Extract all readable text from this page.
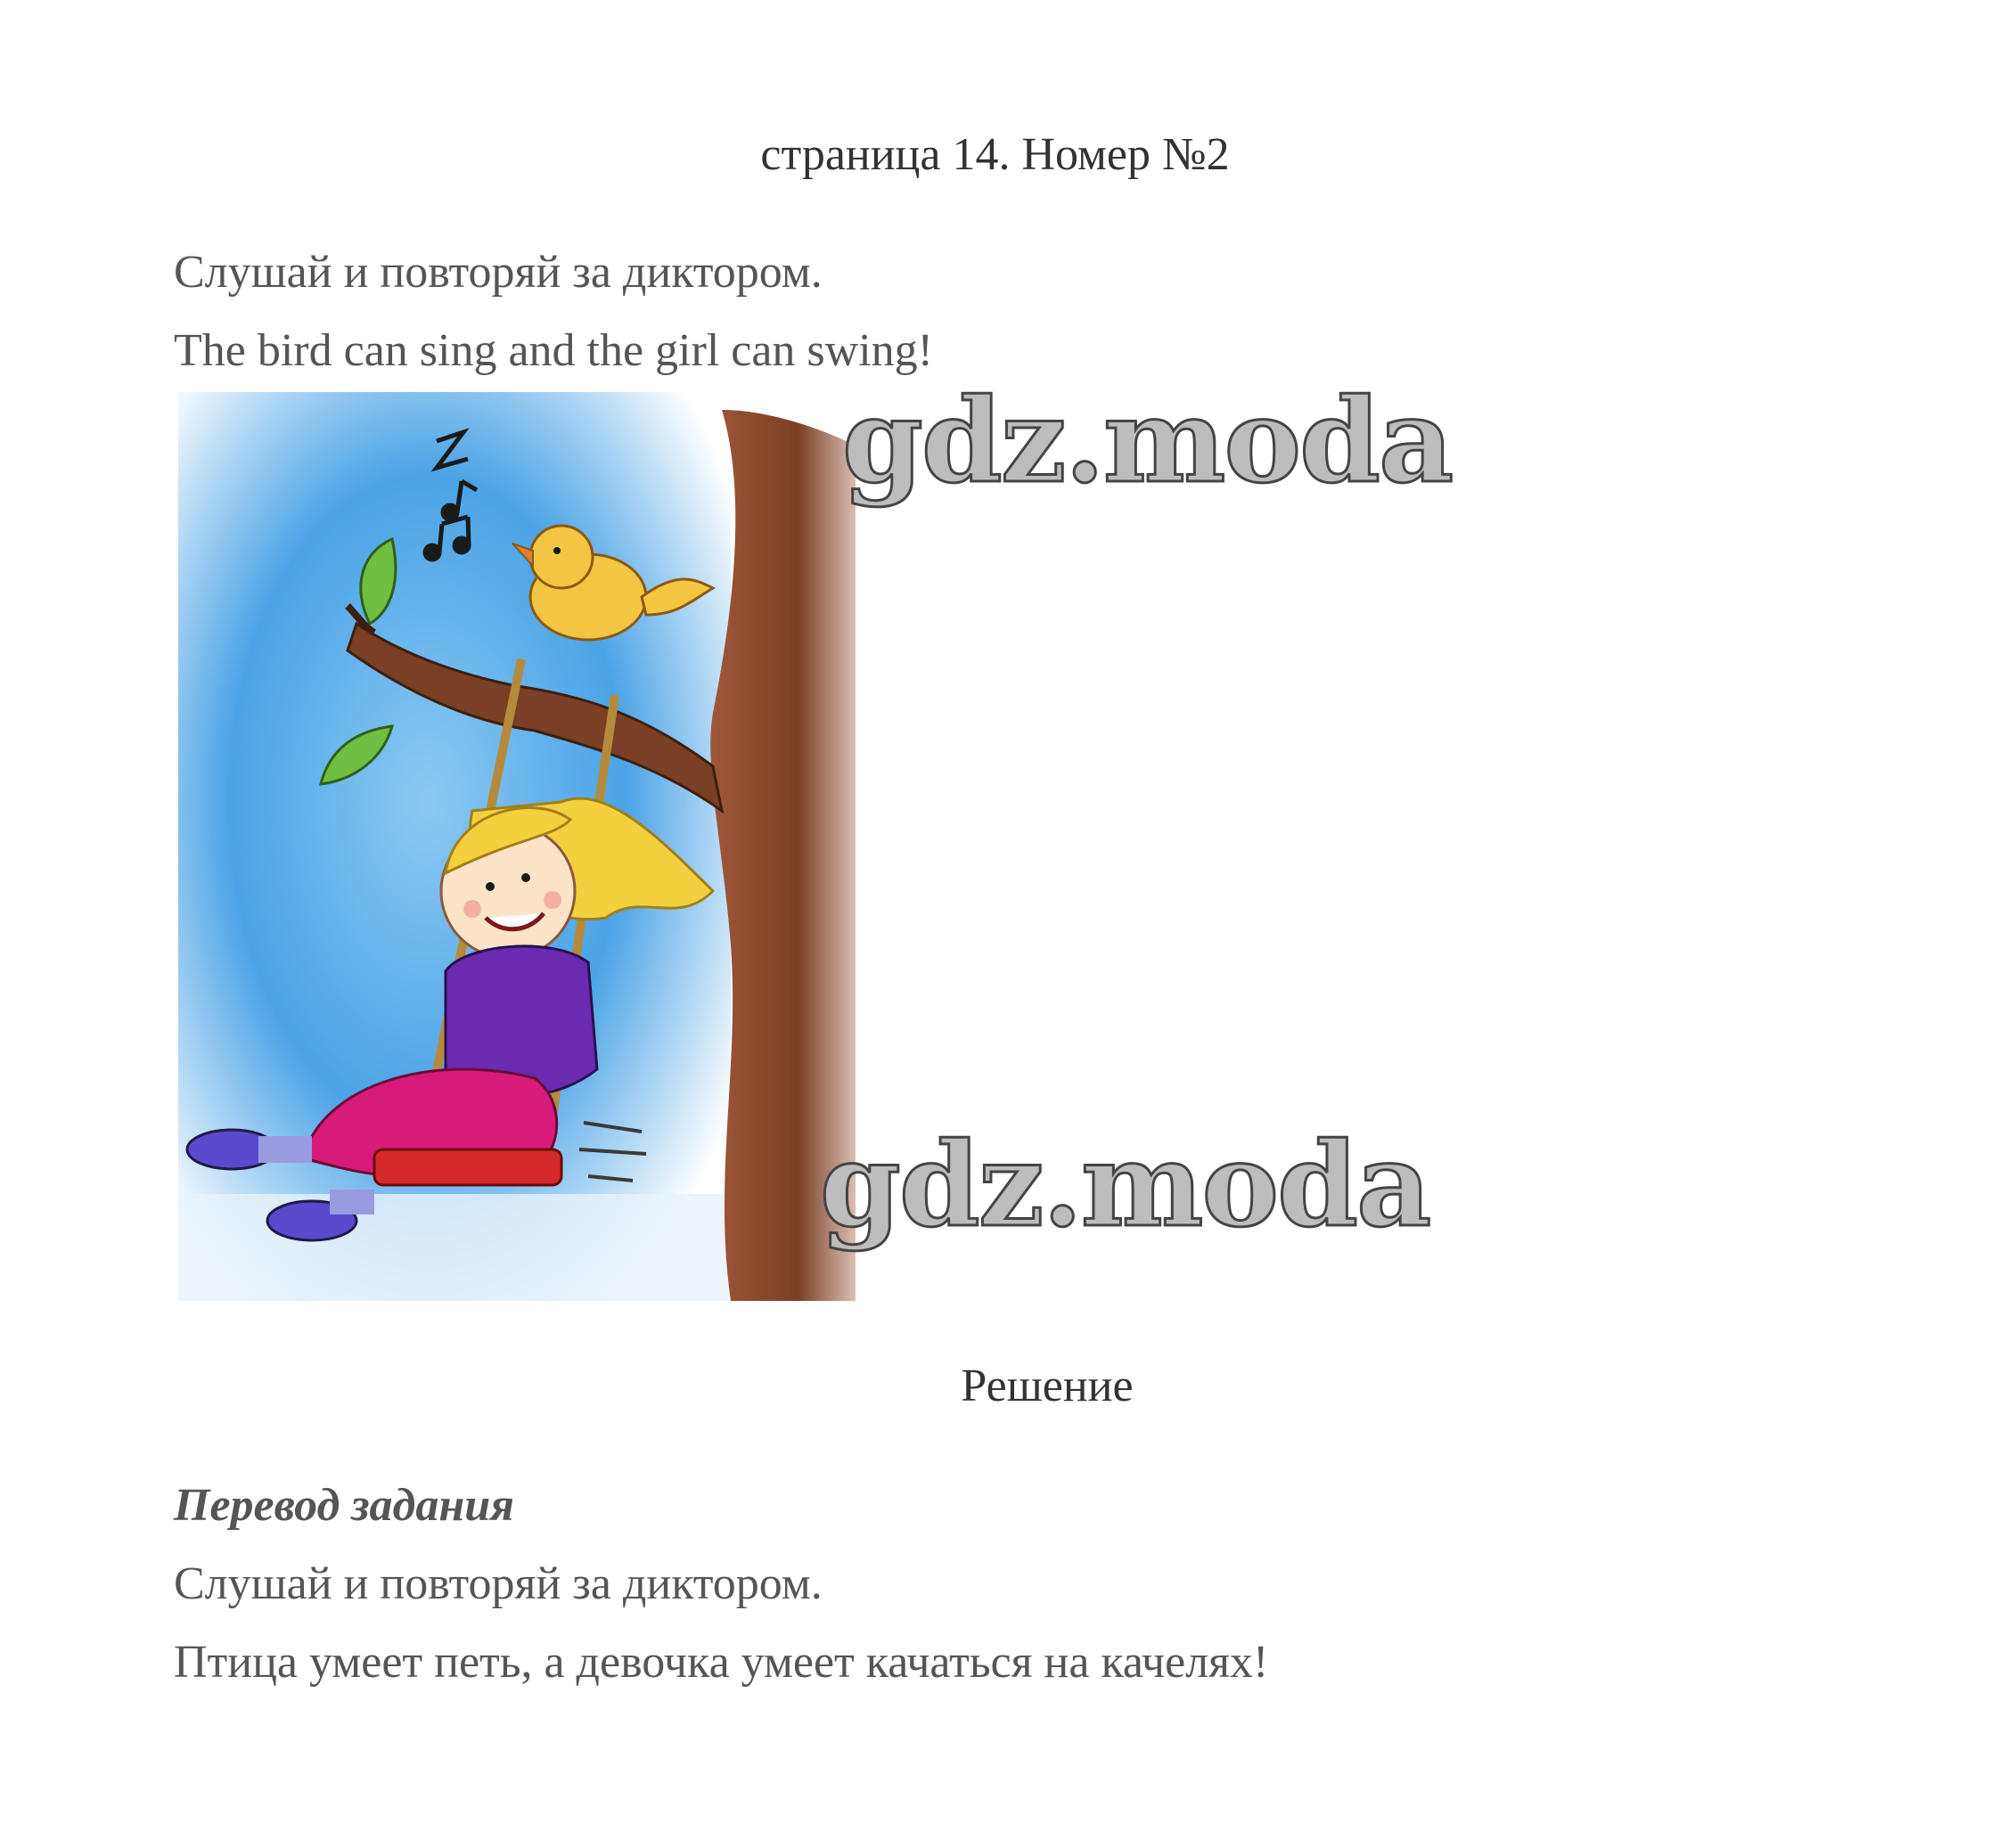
страница 14. Номер №2
Слушай и повторяй за диктором.
The bird can sing and the girl can swing!
gdz.moda
gdz.moda
Решение
Перевод задания
Слушай и повторяй за диктором.
Птица умеет петь, а девочка умеет качаться на качелях!
